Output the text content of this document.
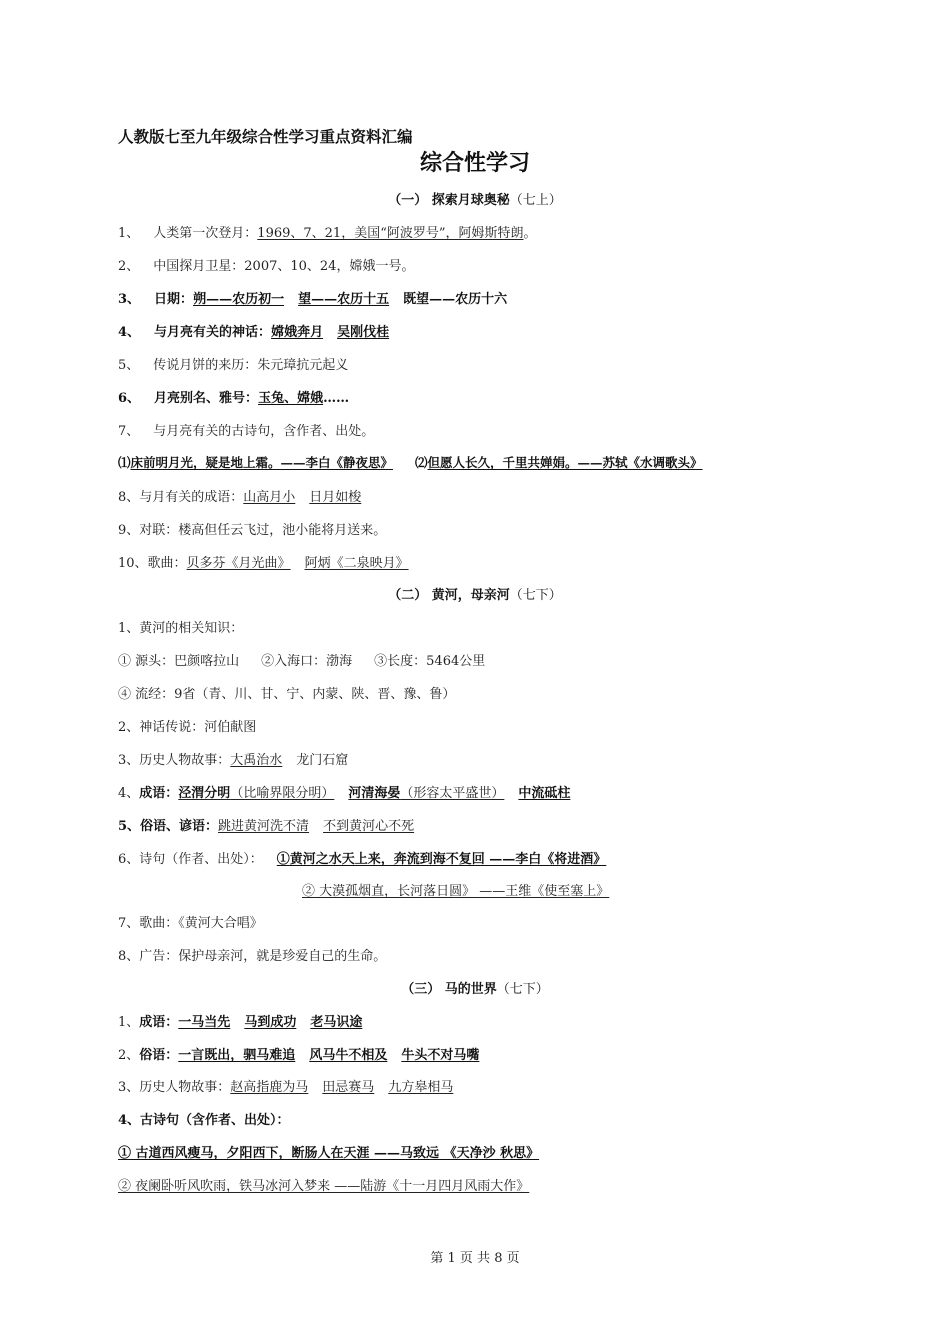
人教版七至九年级综合性学习重点资料汇编
综合性学习
（一） 探索月球奥秘（七上）
1、 人类第一次登月：1969、7、21，美国“阿波罗号”，阿姆斯特朗。
2、 中国探月卫星：2007、10、24，嫦娥一号。
3、 日期：朔——农历初一 望——农历十五 既望——农历十六
4、 与月亮有关的神话：嫦娥奔月 吴刚伐桂
5、 传说月饼的来历：朱元璋抗元起义
6、 月亮别名、雅号：玉兔、嫦娥……
7、 与月亮有关的古诗句，含作者、出处。
⑴床前明月光，疑是地上霜。——李白《静夜思》 ⑵但愿人长久，千里共婵娟。——苏轼《水调歌头》
8、与月有关的成语：山高月小 日月如梭
9、对联：楼高但任云飞过，池小能将月送来。
10、歌曲：贝多芬《月光曲》 阿炳《二泉映月》
（二） 黄河，母亲河（七下）
1、黄河的相关知识：
① 源头：巴颜喀拉山 ②入海口：渤海 ③长度：5464公里
④ 流经：9省（青、川、甘、宁、内蒙、陕、晋、豫、鲁）
2、神话传说：河伯献图
3、历史人物故事：大禹治水 龙门石窟
4、成语：泾渭分明（比喻界限分明） 河清海晏（形容太平盛世） 中流砥柱
5、俗语、谚语：跳进黄河洗不清 不到黄河心不死
6、诗句（作者、出处）： ①黄河之水天上来，奔流到海不复回 ——李白《将进酒》
② 大漠孤烟直，长河落日圆》 ——王维《使至塞上》
7、歌曲：《黄河大合唱》
8、广告：保护母亲河，就是珍爱自己的生命。
（三） 马的世界（七下）
1、成语：一马当先 马到成功 老马识途
2、俗语：一言既出，驷马难追 风马牛不相及 牛头不对马嘴
3、历史人物故事：赵高指鹿为马 田忌赛马 九方皋相马
4、古诗句（含作者、出处）：
① 古道西风瘦马，夕阳西下，断肠人在天涯 ——马致远 《天净沙 秋思》
② 夜阑卧听风吹雨，铁马冰河入梦来 ——陆游《十一月四月风雨大作》
第 1 页 共 8 页
